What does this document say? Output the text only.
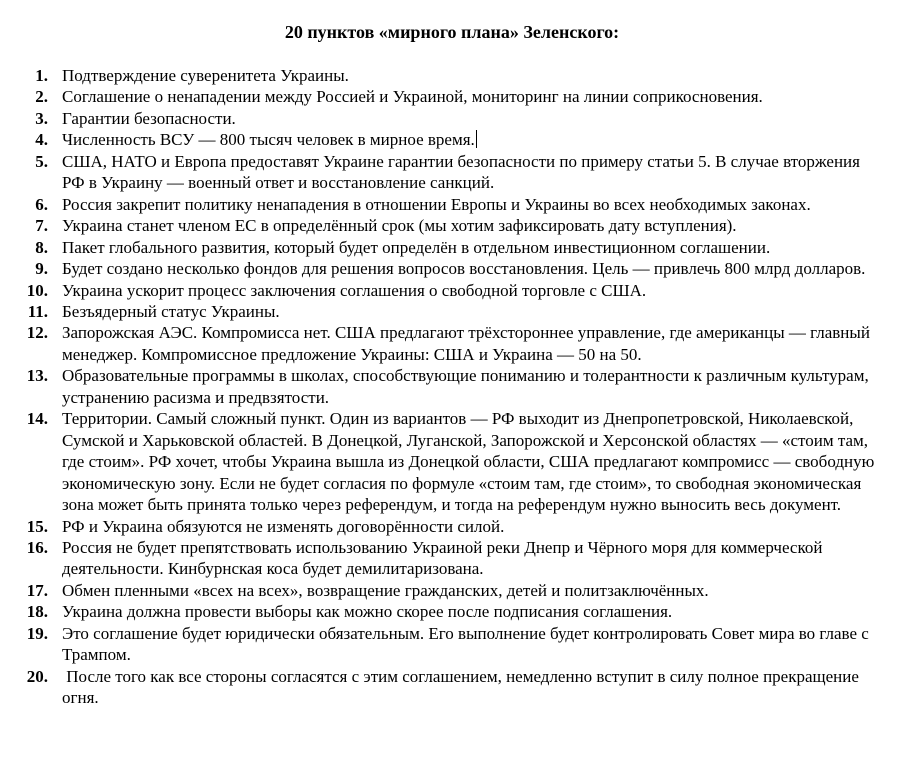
20 пунктов «мирного плана» Зеленского:
1. Подтверждение суверенитета Украины.
2. Соглашение о ненападении между Россией и Украиной, мониторинг на линии соприкосновения.
3. Гарантии безопасности.
4. Численность ВСУ — 800 тысяч человек в мирное время.
5. США, НАТО и Европа предоставят Украине гарантии безопасности по примеру статьи 5. В случае вторжения РФ в Украину — военный ответ и восстановление санкций.
6. Россия закрепит политику ненападения в отношении Европы и Украины во всех необходимых законах.
7. Украина станет членом ЕС в определённый срок (мы хотим зафиксировать дату вступления).
8. Пакет глобального развития, который будет определён в отдельном инвестиционном соглашении.
9. Будет создано несколько фондов для решения вопросов восстановления. Цель — привлечь 800 млрд долларов.
10. Украина ускорит процесс заключения соглашения о свободной торговле с США.
11. Безъядерный статус Украины.
12. Запорожская АЭС. Компромисса нет. США предлагают трёхстороннее управление, где американцы — главный менеджер. Компромиссное предложение Украины: США и Украина — 50 на 50.
13. Образовательные программы в школах, способствующие пониманию и толерантности к различным культурам, устранению расизма и предвзятости.
14. Территории. Самый сложный пункт. Один из вариантов — РФ выходит из Днепропетровской, Николаевской, Сумской и Харьковской областей. В Донецкой, Луганской, Запорожской и Херсонской областях — «стоим там, где стоим». РФ хочет, чтобы Украина вышла из Донецкой области, США предлагают компромисс — свободную экономическую зону. Если не будет согласия по формуле «стоим там, где стоим», то свободная экономическая зона может быть принята только через референдум, и тогда на референдум нужно выносить весь документ.
15. РФ и Украина обязуются не изменять договорённости силой.
16. Россия не будет препятствовать использованию Украиной реки Днепр и Чёрного моря для коммерческой деятельности. Кинбурнская коса будет демилитаризована.
17. Обмен пленными «всех на всех», возвращение гражданских, детей и политзаключённых.
18. Украина должна провести выборы как можно скорее после подписания соглашения.
19. Это соглашение будет юридически обязательным. Его выполнение будет контролировать Совет мира во главе с Трампом.
20. После того как все стороны согласятся с этим соглашением, немедленно вступит в силу полное прекращение огня.
